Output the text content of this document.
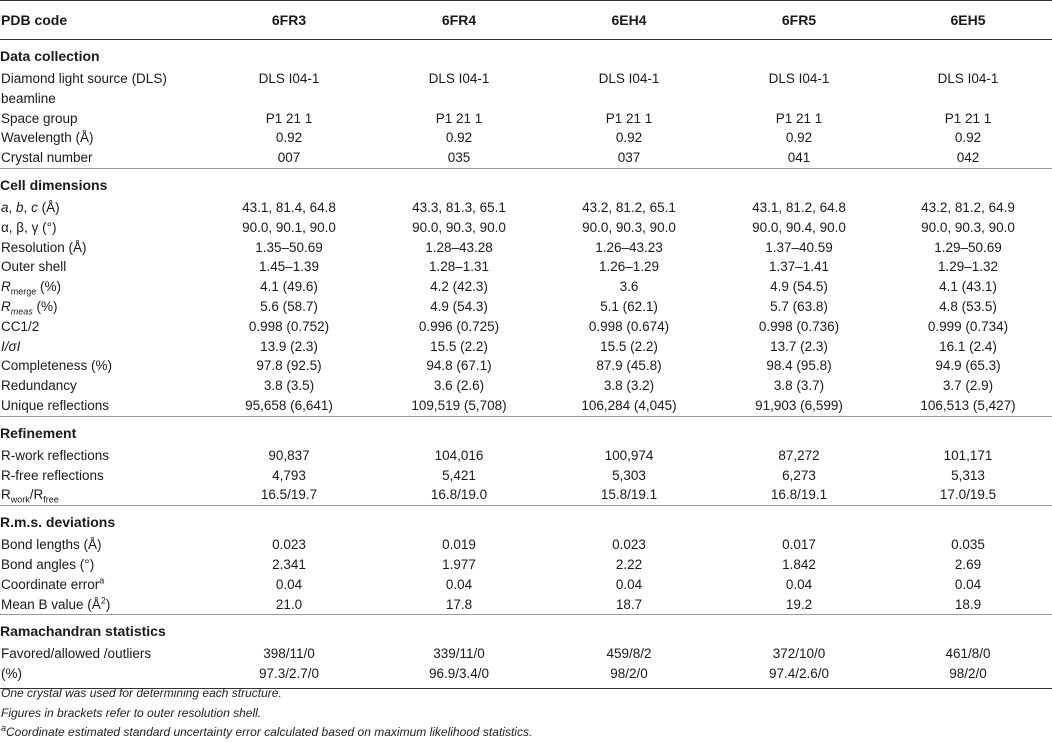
PDB code	6FR3	6FR4	6EH4	6FR5	6EH5
Data collection					
Diamond light source (DLS) beamline	DLS I04-1	DLS I04-1	DLS I04-1	DLS I04-1	DLS I04-1
Space group	P1 21 1	P1 21 1	P1 21 1	P1 21 1	P1 21 1
Wavelength (Å)	0.92	0.92	0.92	0.92	0.92
Crystal number	007	035	037	041	042
Cell dimensions					
a, b, c (Å)	43.1, 81.4, 64.8	43.3, 81.3, 65.1	43.2, 81.2, 65.1	43.1, 81.2, 64.8	43.2, 81.2, 64.9
α, β, γ (°)	90.0, 90.1, 90.0	90.0, 90.3, 90.0	90.0, 90.3, 90.0	90.0, 90.4, 90.0	90.0, 90.3, 90.0
Resolution (Å)	1.35–50.69	1.28–43.28	1.26–43.23	1.37–40.59	1.29–50.69
Outer shell	1.45–1.39	1.28–1.31	1.26–1.29	1.37–1.41	1.29–1.32
$R_{merge}$ (%)	4.1 (49.6)	4.2 (42.3)	3.6	4.9 (54.5)	4.1 (43.1)
$R_{meas}$ (%)	5.6 (58.7)	4.9 (54.3)	5.1 (62.1)	5.7 (63.8)	4.8 (53.5)
CC1/2	0.998 (0.752)	0.996 (0.725)	0.998 (0.674)	0.998 (0.736)	0.999 (0.734)
I/σI	13.9 (2.3)	15.5 (2.2)	15.5 (2.2)	13.7 (2.3)	16.1 (2.4)
Completeness (%)	97.8 (92.5)	94.8 (67.1)	87.9 (45.8)	98.4 (95.8)	94.9 (65.3)
Redundancy	3.8 (3.5)	3.6 (2.6)	3.8 (3.2)	3.8 (3.7)	3.7 (2.9)
Unique reflections	95,658 (6,641)	109,519 (5,708)	106,284 (4,045)	91,903 (6,599)	106,513 (5,427)
Refinement					
R-work reflections	90,837	104,016	100,974	87,272	101,171
R-free reflections	4,793	5,421	5,303	6,273	5,313
$R_{work}/R_{free}$	16.5/19.7	16.8/19.0	15.8/19.1	16.8/19.1	17.0/19.5
R.m.s. deviations					
Bond lengths (Å)	0.023	0.019	0.023	0.017	0.035
Bond angles (°)	2.341	1.977	2.22	1.842	2.69
Coordinate error$^a$	0.04	0.04	0.04	0.04	0.04
Mean B value $(Å^2)$	21.0	17.8	18.7	19.2	18.9
Ramachandran statistics					
Favored/allowed /outliers	398/11/0	339/11/0	459/8/2	372/10/0	461/8/0
(%)	97.3/2.7/0	96.9/3.4/0	98/2/0	97.4/2.6/0	98/2/0
One crystal was used for determining each structure.
Figures in brackets refer to outer resolution shell.
$^a$Coordinate estimated standard uncertainty error calculated based on maximum likelihood statistics.
